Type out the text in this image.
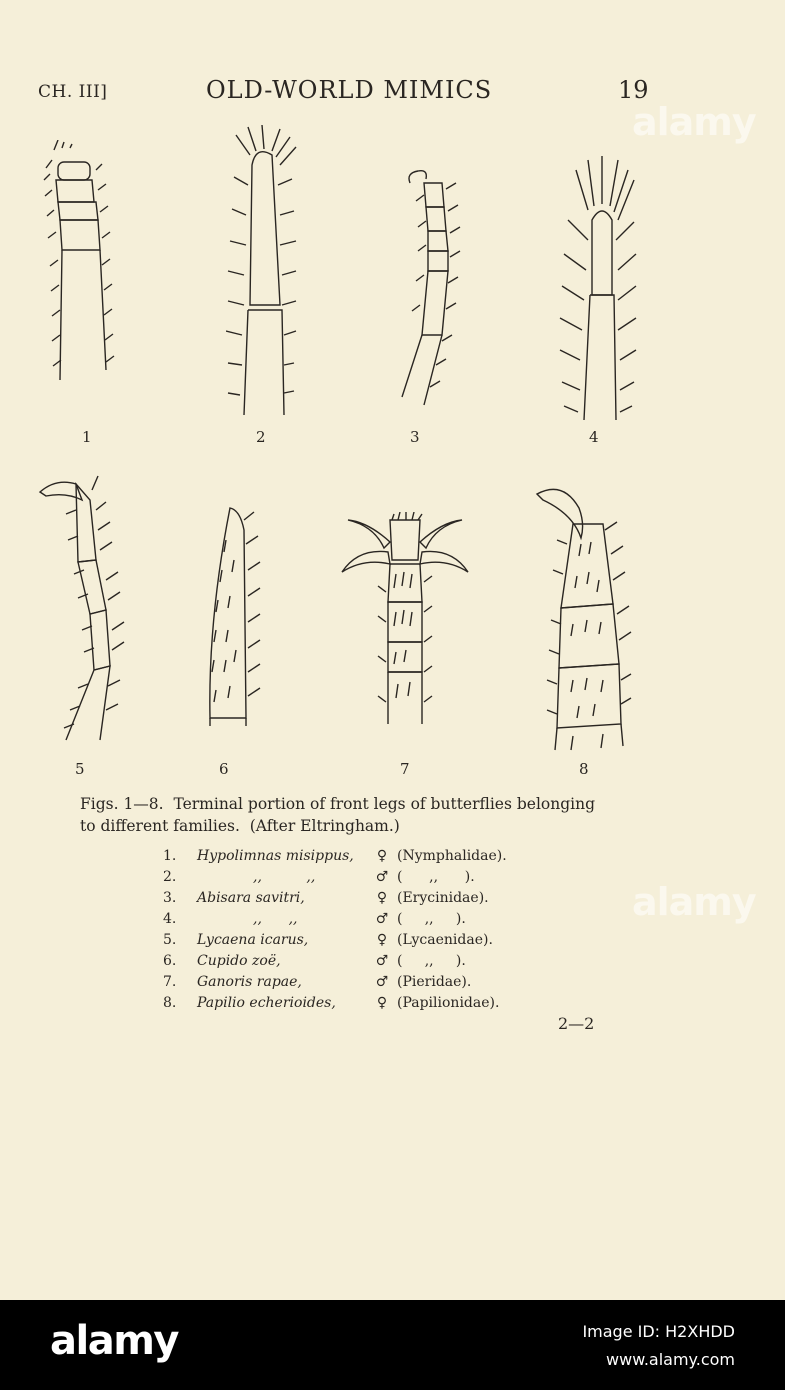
CH. III]	OLD-WORLD MIMICS	19
1	2	3	4
5	6	7	8
Figs. 1—8.  Terminal portion of front legs of butterflies belonging
to different families.  (After Eltringham.)
1.	Hypolimnas misippus, ♀ (Nymphalidae).
2.	,,          ,,	♂ (      ,,      ).
3.	Abisara savitri,	♀ (Erycinidae).
4.	,,      ,,	♂ (     ,,     ).
5.	Lycaena icarus,	♀ (Lycaenidae).
6.	Cupido zoë,	♂ (     ,,     ).
7.	Ganoris rapae,	♂ (Pieridae).
8.	Papilio echerioides,	♀ (Papilionidae).
2—2
alamy
alamy
alamy	Image ID: H2XHDD
www.alamy.com
